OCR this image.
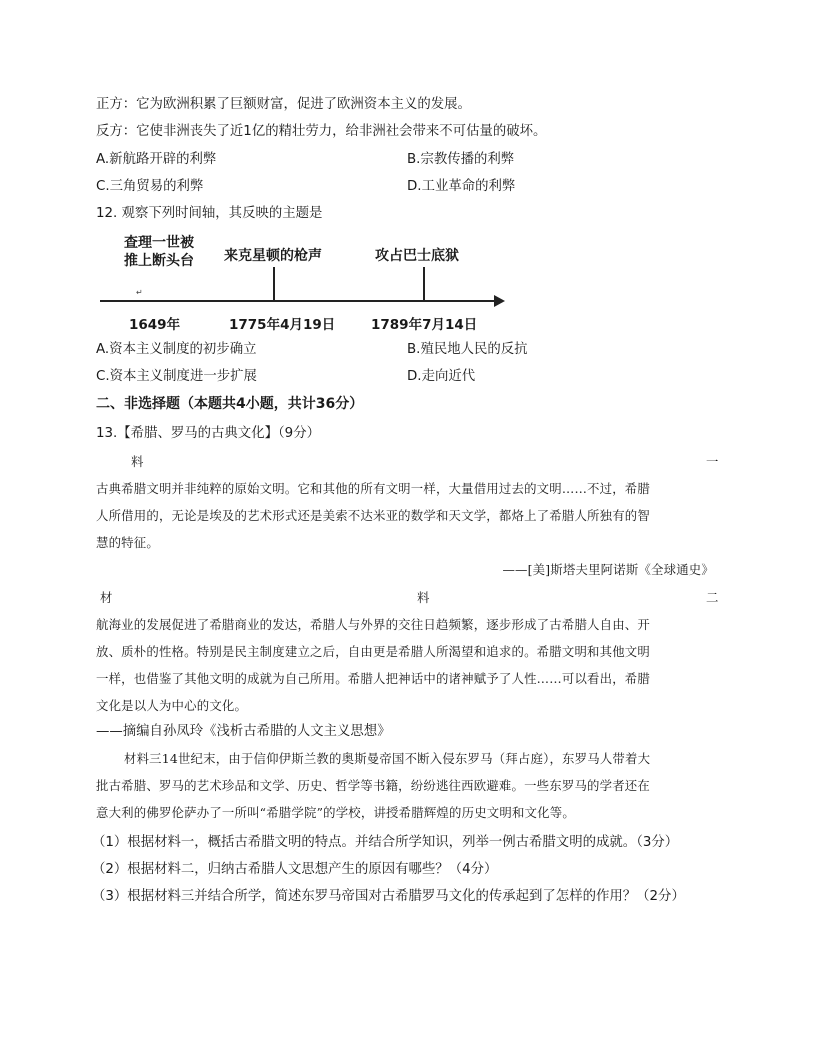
正方：它为欧洲积累了巨额财富，促进了欧洲资本主义的发展。
反方：它使非洲丧失了近1亿的精壮劳力，给非洲社会带来不可估量的破坏。
A.新航路开辟的利弊	B.宗教传播的利弊
C.三角贸易的利弊	D.工业革命的利弊
12. 观察下列时间轴，其反映的主题是
查理一世被
推上断头台	来克星顿的枪声	攻占巴士底狱
↵
1649年	1775年4月19日	1789年7月14日
A.资本主义制度的初步确立	B.殖民地人民的反抗
C.资本主义制度进一步扩展	D.走向近代
二、非选择题（本题共4小题，共计36分）
13.【希腊、罗马的古典文化】（9分）
料	一
古典希腊文明并非纯粹的原始文明。它和其他的所有文明一样，大量借用过去的文明……不过，希腊
人所借用的，无论是埃及的艺术形式还是美索不达米亚的数学和天文学，都烙上了希腊人所独有的智
慧的特征。
——[美]斯塔夫里阿诺斯《全球通史》
材	料	二
航海业的发展促进了希腊商业的发达，希腊人与外界的交往日趋频繁，逐步形成了古希腊人自由、开
放、质朴的性格。特别是民主制度建立之后，自由更是希腊人所渴望和追求的。希腊文明和其他文明
一样，也借鉴了其他文明的成就为自己所用。希腊人把神话中的诸神赋予了人性……可以看出，希腊
文化是以人为中心的文化。
——摘编自孙凤玲《浅析古希腊的人文主义思想》
材料三14世纪末，由于信仰伊斯兰教的奥斯曼帝国不断入侵东罗马（拜占庭），东罗马人带着大
批古希腊、罗马的艺术珍品和文学、历史、哲学等书籍，纷纷逃往西欧避难。一些东罗马的学者还在
意大利的佛罗伦萨办了一所叫“希腊学院”的学校，讲授希腊辉煌的历史文明和文化等。
（1）根据材料一，概括古希腊文明的特点。并结合所学知识，列举一例古希腊文明的成就。（3分）
（2）根据材料二，归纳古希腊人文思想产生的原因有哪些？（4分）
（3）根据材料三并结合所学，简述东罗马帝国对古希腊罗马文化的传承起到了怎样的作用？（2分）
